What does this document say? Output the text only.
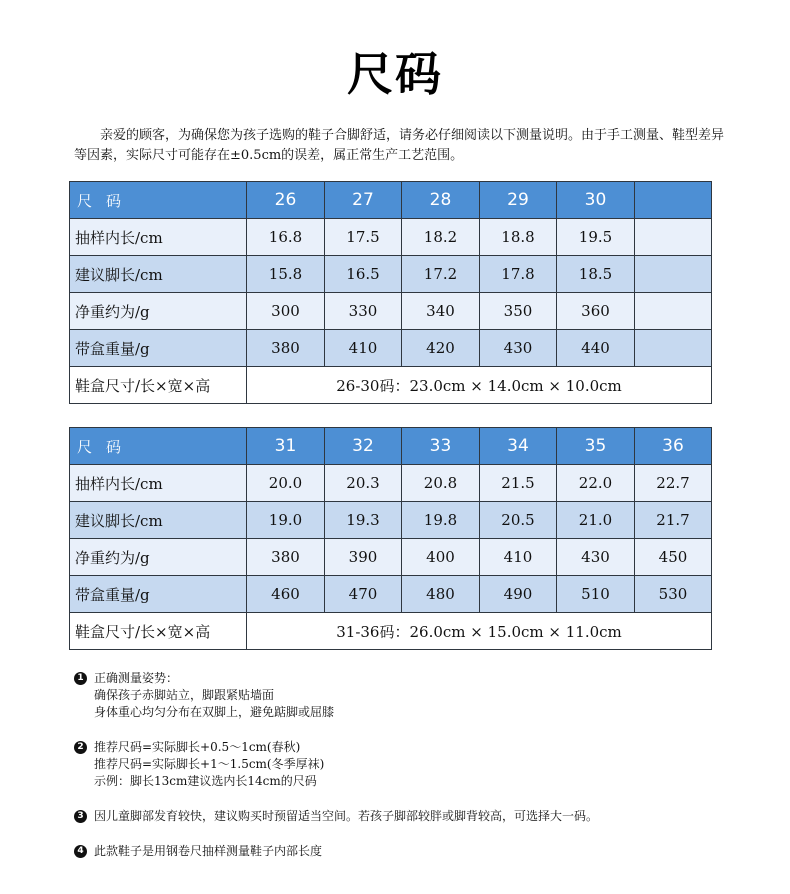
尺码
亲爱的顾客，为确保您为孩子选购的鞋子合脚舒适，请务必仔细阅读以下测量说明。由于手工测量、鞋型差异等因素，实际尺寸可能存在±0.5cm的误差，属正常生产工艺范围。
尺码	26	27	28	29	30	
抽样内长/cm	16.8	17.5	18.2	18.8	19.5	
建议脚长/cm	15.8	16.5	17.2	17.8	18.5	
净重约为/g	300	330	340	350	360	
带盒重量/g	380	410	420	430	440	
鞋盒尺寸/长×宽×高	26-30码：23.0cm × 14.0cm × 10.0cm					
尺码	31	32	33	34	35	36
抽样内长/cm	20.0	20.3	20.8	21.5	22.0	22.7
建议脚长/cm	19.0	19.3	19.8	20.5	21.0	21.7
净重约为/g	380	390	400	410	430	450
带盒重量/g	460	470	480	490	510	530
鞋盒尺寸/长×宽×高	31-36码：26.0cm × 15.0cm × 11.0cm					
1 正确测量姿势：
确保孩子赤脚站立，脚跟紧贴墙面
身体重心均匀分布在双脚上，避免踮脚或屈膝
2 推荐尺码=实际脚长+0.5～1cm(春秋)
推荐尺码=实际脚长+1～1.5cm(冬季厚袜)
示例：脚长13cm建议选内长14cm的尺码
3 因儿童脚部发育较快，建议购买时预留适当空间。若孩子脚部较胖或脚背较高，可选择大一码。
4 此款鞋子是用钢卷尺抽样测量鞋子内部长度
